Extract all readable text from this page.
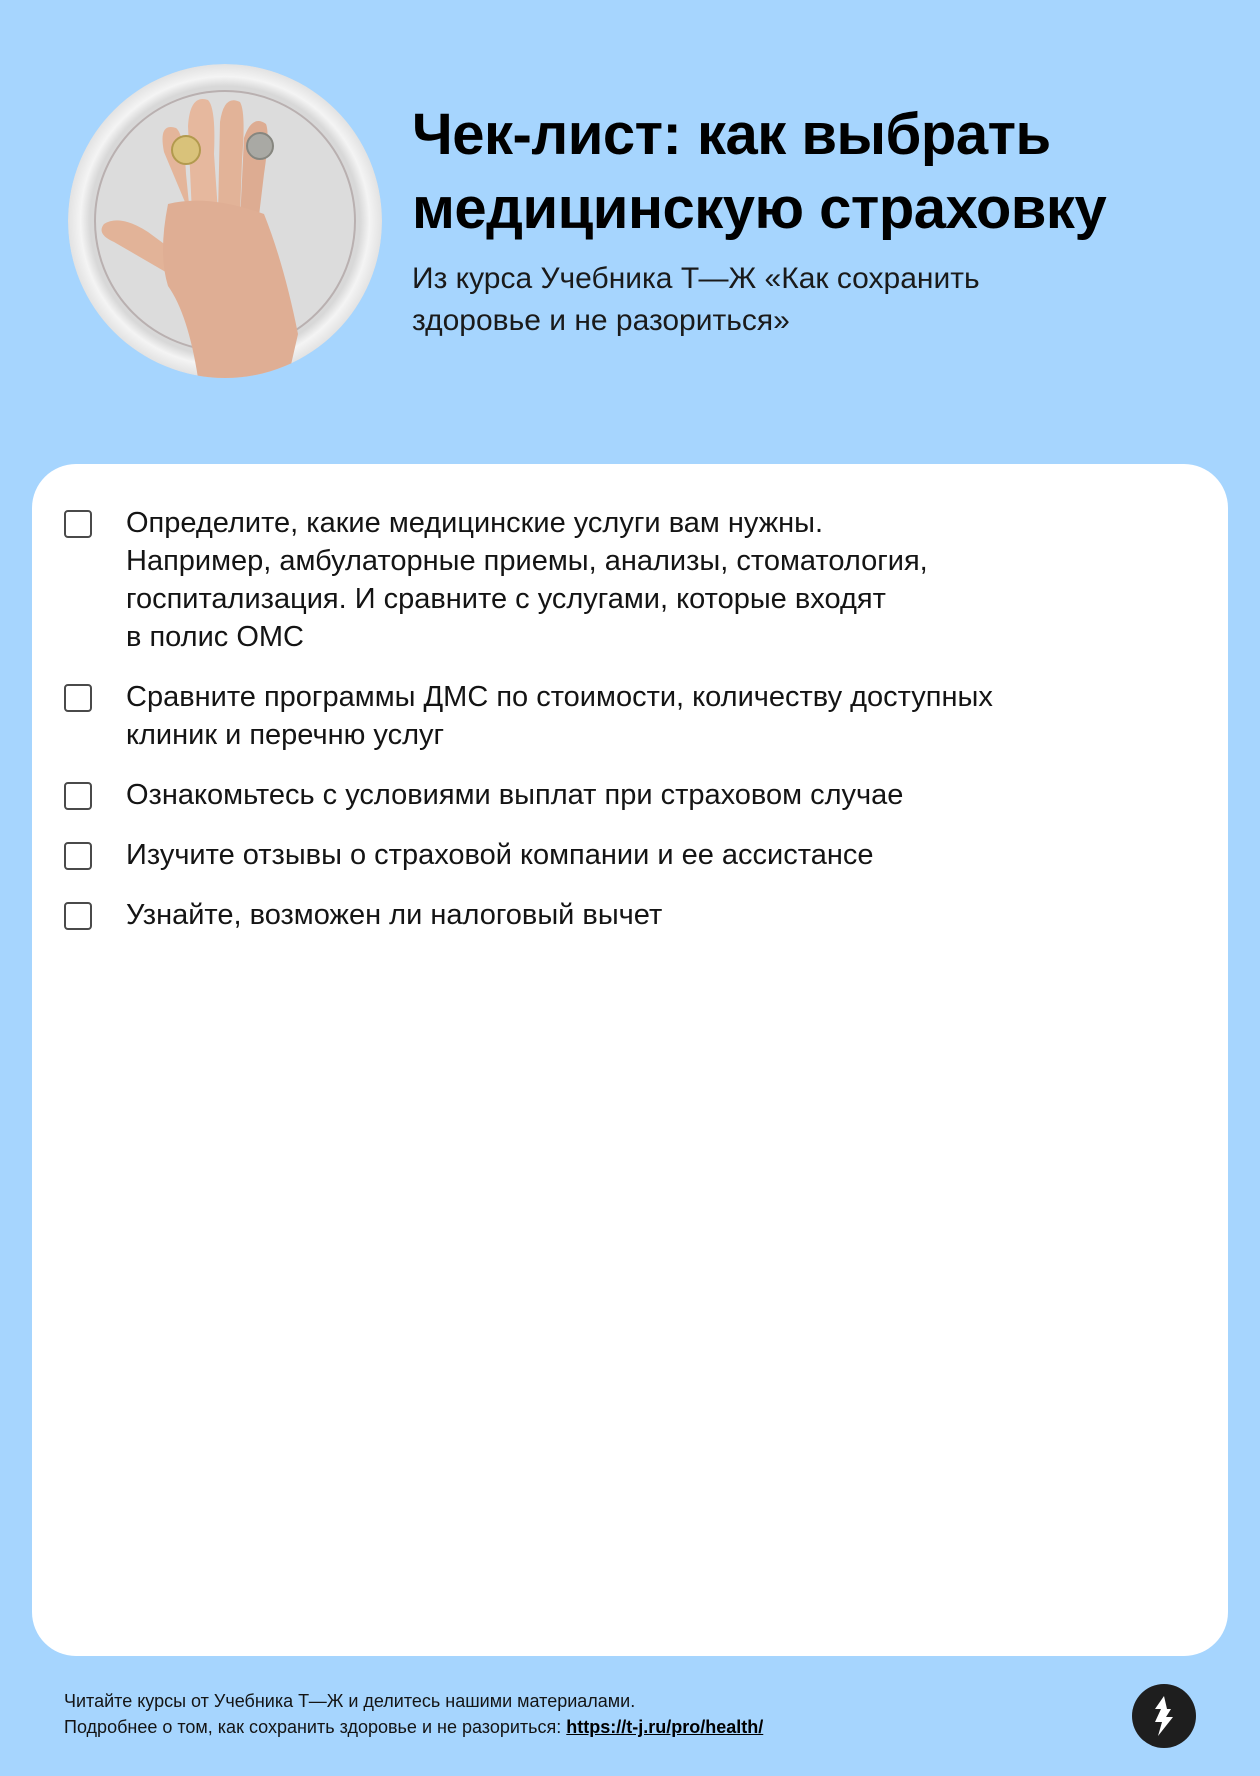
Чек-лист: как выбрать
медицинскую страховку

Из курса Учебника Т—Ж «Как сохранить
здоровье и не разориться»

Определите, какие медицинские услуги вам нужны.
Например, амбулаторные приемы, анализы, стоматология,
госпитализация. И сравните с услугами, которые входят
в полис ОМС
Сравните программы ДМС по стоимости, количеству доступных
клиник и перечню услуг
Ознакомьтесь с условиями выплат при страховом случае
Изучите отзывы о страховой компании и ее ассистансе
Узнайте, возможен ли налоговый вычет
Читайте курсы от Учебника Т—Ж и делитесь нашими материалами.
Подробнее о том, как сохранить здоровье и не разориться: https://t-j.ru/pro/health/
